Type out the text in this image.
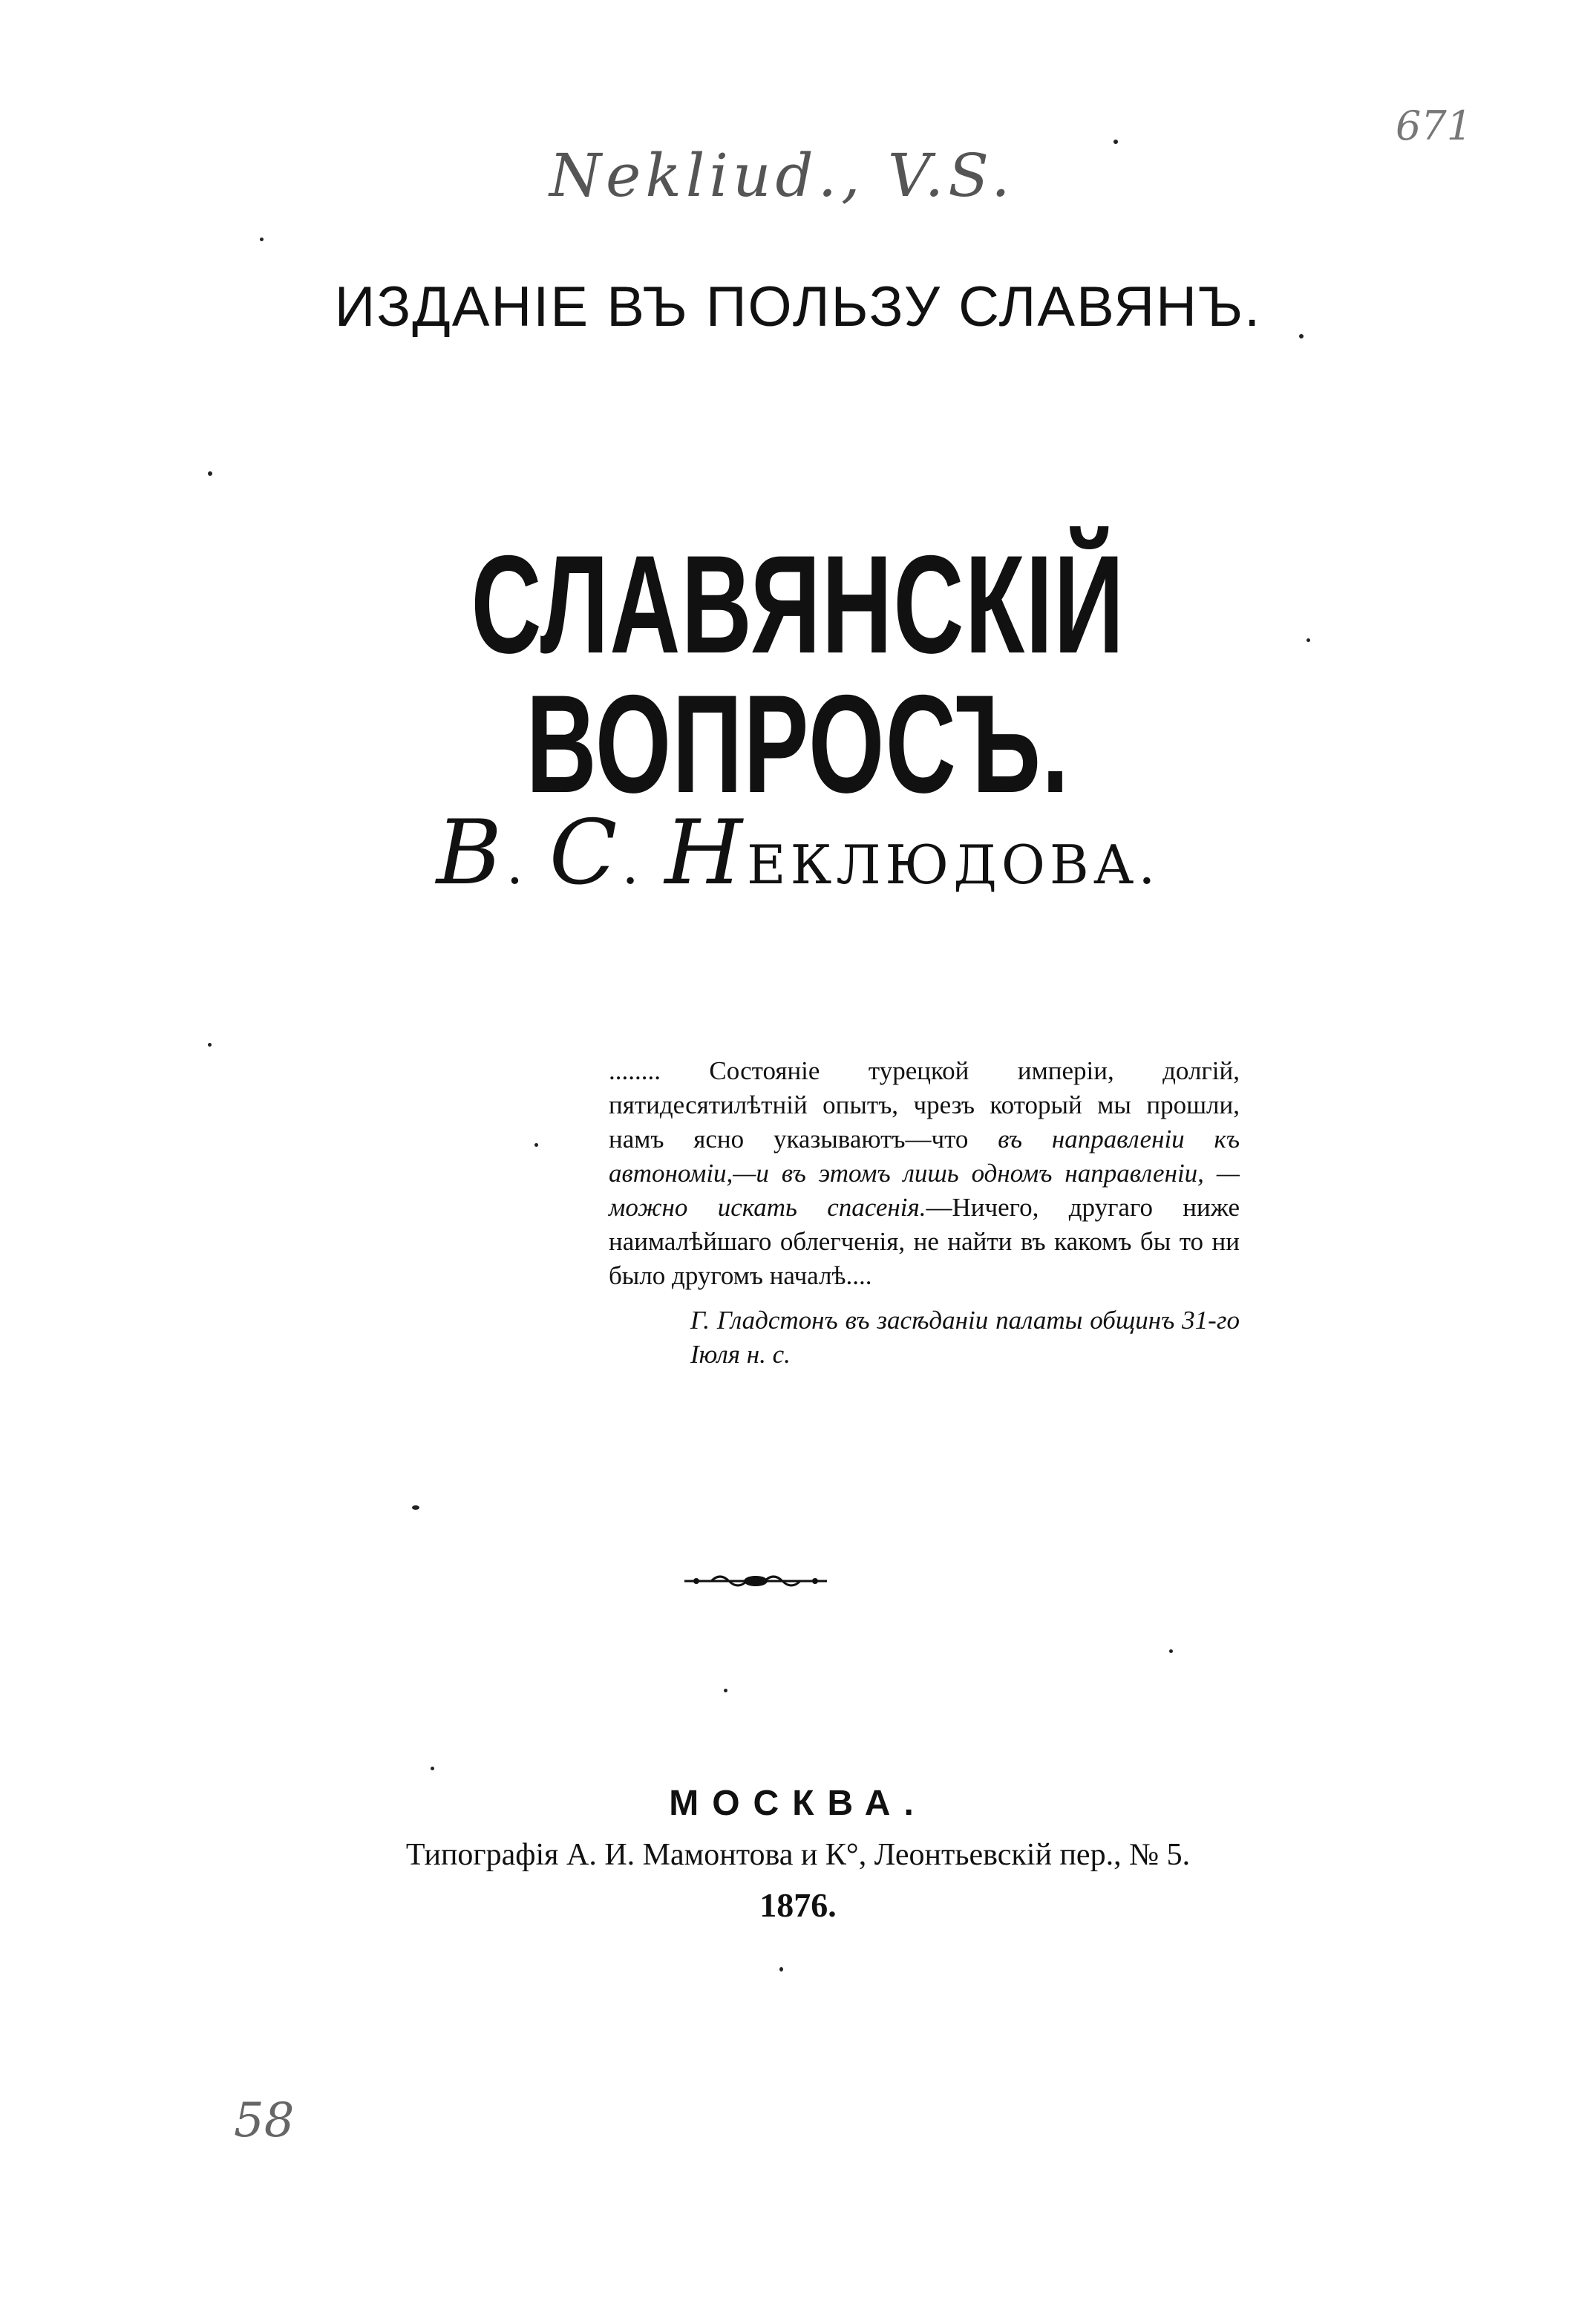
Nekliud., V.S.
671
58
ИЗДАНІЕ ВЪ ПОЛЬЗУ СЛАВЯНЪ.
СЛАВЯНСКІЙ ВОПРОСЪ.
В. С. НЕКЛЮДОВА.

........ Состояніе турецкой имперіи, долгій, пятидесятилѣтній опытъ, чрезъ который мы прошли, намъ ясно указываютъ—что въ направленіи къ автономіи,—и въ этомъ лишь одномъ направленіи, — можно искать спасенія.—Ничего, другаго ниже наималѣйшаго облегченія, не найти въ какомъ бы то ни было другомъ началѣ....

Г. Гладстонъ въ засѣданіи палаты общинъ 31-го Іюля н. с.

МОСКВА.

Типографія А. И. Мамонтова и К°, Леонтьевскій пер., № 5.

1876.
